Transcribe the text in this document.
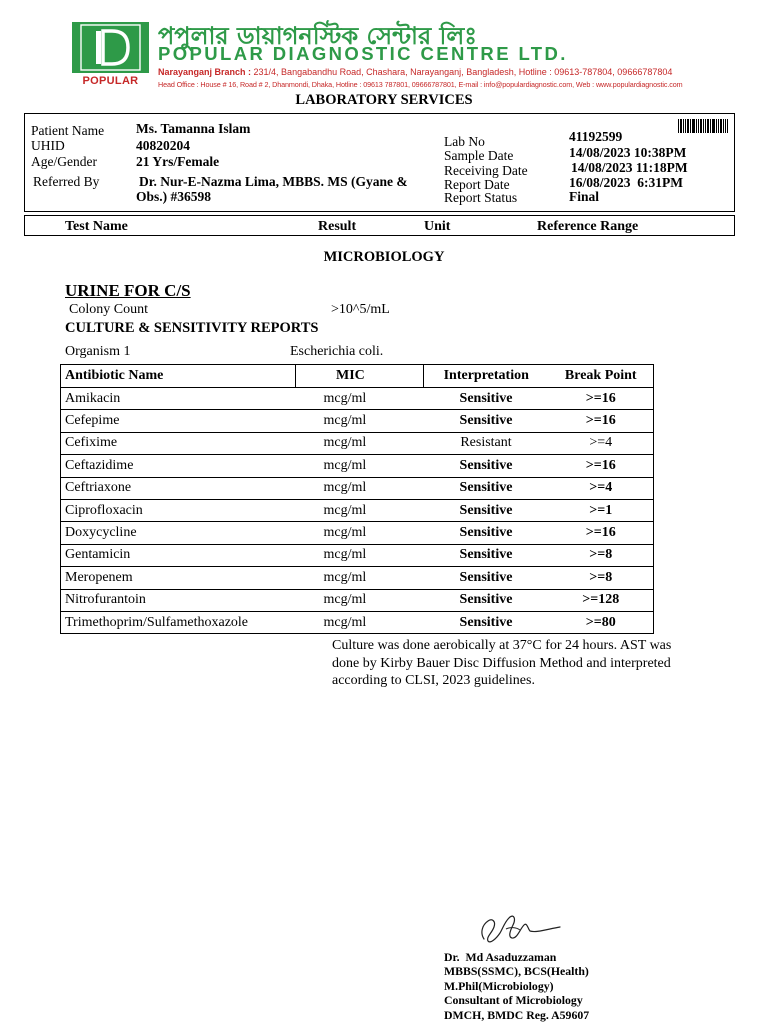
POPULAR
পপুলার ডায়াগনস্টিক সেন্টার লিঃ
POPULAR DIAGNOSTIC CENTRE LTD.
Narayanganj Branch : 231/4, Bangabandhu Road, Chashara, Narayanganj, Bangladesh, Hotline : 09613-787804, 09666787804
Head Office : House # 16, Road # 2, Dhanmondi, Dhaka, Hotline : 09613 787801, 09666787801, E-mail : info@populardiagnostic.com, Web : www.populardiagnostic.com
LABORATORY SERVICES
Patient Name Ms. Tamanna Islam
UHID	40820204
Age/Gender	21 Yrs/Female
Referred By	Dr. Nur-E-Nazma Lima, MBBS. MS (Gyane &
Obs.) #36598
Lab No	41192599
Sample Date	14/08/2023 10:38PM
Receiving Date	14/08/2023 11:18PM
Report Date	16/08/2023  6:31PM
Report Status	Final
Test Name	Result	Unit	Reference Range
MICROBIOLOGY
URINE FOR C/S
Colony Count	>10^5/mL
CULTURE & SENSITIVITY REPORTS
Organism 1	Escherichia coli.
Antibiotic Name	MIC	Interpretation	Break Point
Amikacin	mcg/ml	Sensitive	>=16
Cefepime	mcg/ml	Sensitive	>=16
Cefixime	mcg/ml	Resistant	>=4
Ceftazidime	mcg/ml	Sensitive	>=16
Ceftriaxone	mcg/ml	Sensitive	>=4
Ciprofloxacin	mcg/ml	Sensitive	>=1
Doxycycline	mcg/ml	Sensitive	>=16
Gentamicin	mcg/ml	Sensitive	>=8
Meropenem	mcg/ml	Sensitive	>=8
Nitrofurantoin	mcg/ml	Sensitive	>=128
Trimethoprim/Sulfamethoxazole	mcg/ml	Sensitive	>=80
Culture was done aerobically at 37°C for 24 hours. AST was done by Kirby Bauer Disc Diffusion Method and interpreted according to CLSI, 2023 guidelines.
Dr.  Md Asaduzzaman
MBBS(SSMC), BCS(Health)
M.Phil(Microbiology)
Consultant of Microbiology
DMCH, BMDC Reg. A59607
